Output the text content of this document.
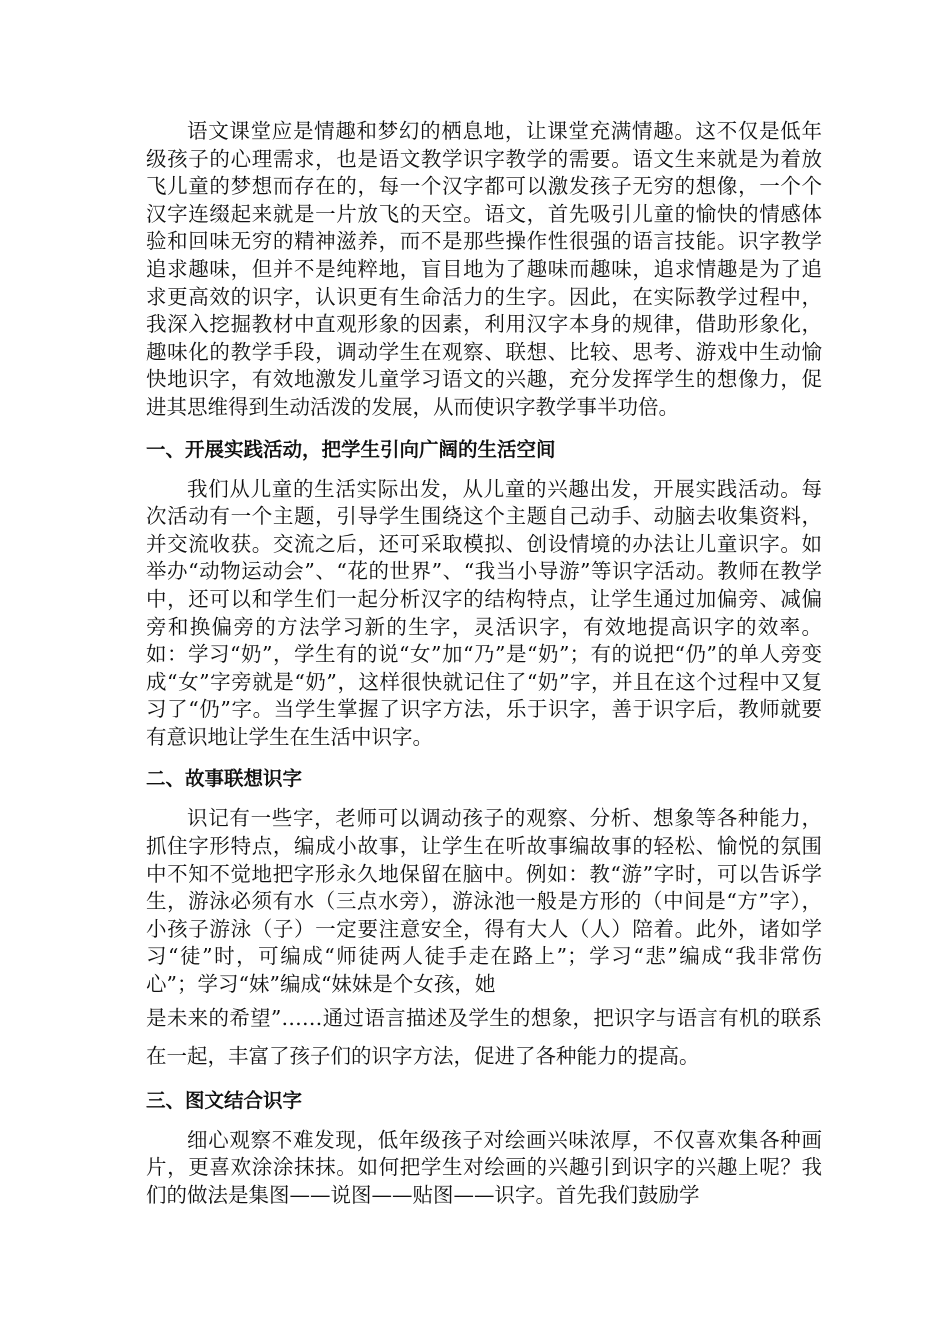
语文课堂应是情趣和梦幻的栖息地，让课堂充满情趣。这不仅是低年级孩子的心理需求，也是语文教学识字教学的需要。语文生来就是为着放飞儿童的梦想而存在的，每一个汉字都可以激发孩子无穷的想像，一个个汉字连缀起来就是一片放飞的天空。语文，首先吸引儿童的愉快的情感体验和回味无穷的精神滋养，而不是那些操作性很强的语言技能。识字教学追求趣味，但并不是纯粹地，盲目地为了趣味而趣味，追求情趣是为了追求更高效的识字，认识更有生命活力的生字。因此，在实际教学过程中，我深入挖掘教材中直观形象的因素，利用汉字本身的规律，借助形象化，趣味化的教学手段，调动学生在观察、联想、比较、思考、游戏中生动愉快地识字，有效地激发儿童学习语文的兴趣，充分发挥学生的想像力，促进其思维得到生动活泼的发展，从而使识字教学事半功倍。

一、开展实践活动，把学生引向广阔的生活空间

我们从儿童的生活实际出发，从儿童的兴趣出发，开展实践活动。每次活动有一个主题，引导学生围绕这个主题自己动手、动脑去收集资料，并交流收获。交流之后，还可采取模拟、创设情境的办法让儿童识字。如举办“动物运动会”、“花的世界”、“我当小导游”等识字活动。教师在教学中，还可以和学生们一起分析汉字的结构特点，让学生通过加偏旁、减偏旁和换偏旁的方法学习新的生字，灵活识字，有效地提高识字的效率。如：学习“奶”，学生有的说“女”加“乃”是“奶”；有的说把“仍”的单人旁变成“女”字旁就是“奶”，这样很快就记住了“奶”字，并且在这个过程中又复习了“仍”字。当学生掌握了识字方法，乐于识字，善于识字后，教师就要有意识地让学生在生活中识字。

二、故事联想识字

识记有一些字，老师可以调动孩子的观察、分析、想象等各种能力，抓住字形特点，编成小故事，让学生在听故事编故事的轻松、愉悦的氛围中不知不觉地把字形永久地保留在脑中。例如：教“游”字时，可以告诉学生，游泳必须有水（三点水旁），游泳池一般是方形的（中间是“方”字），小孩子游泳（子）一定要注意安全，得有大人（人）陪着。此外，诸如学习“徒”时，可编成“师徒两人徒手走在路上”；学习“悲”编成“我非常伤心”；学习“妹”编成“妹妹是个女孩，她

是未来的希望”……通过语言描述及学生的想象，把识字与语言有机的联系在一起，丰富了孩子们的识字方法，促进了各种能力的提高。

三、图文结合识字

细心观察不难发现，低年级孩子对绘画兴味浓厚，不仅喜欢集各种画片，更喜欢涂涂抹抹。如何把学生对绘画的兴趣引到识字的兴趣上呢？我们的做法是集图——说图——贴图——识字。首先我们鼓励学
